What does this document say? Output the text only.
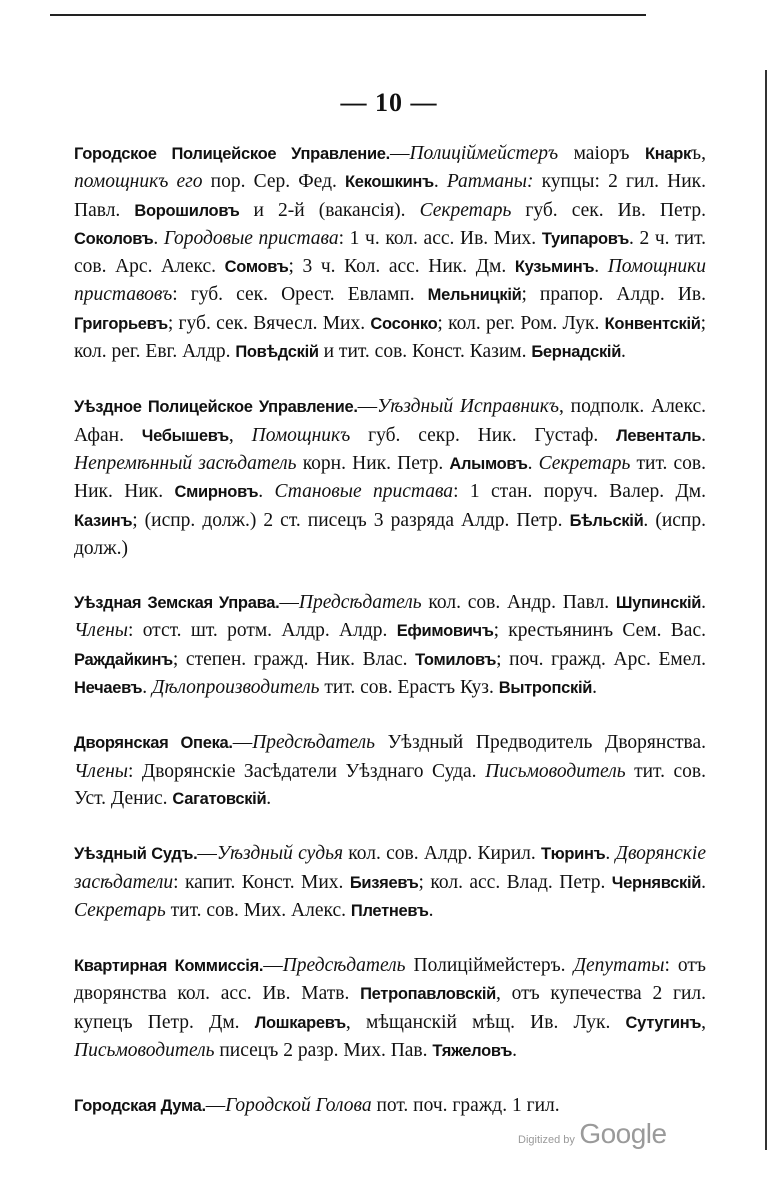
— 10 —

Городское Полицейское Управление.—Полиціймейстеръ маіоръ Кнаркъ, помощникъ его пор. Сер. Фед. Кекошкинъ. Ратманы: купцы: 2 гил. Ник. Павл. Ворошиловъ и 2-й (вакансія). Секретарь губ. сек. Ив. Петр. Соколовъ. Городовые пристава: 1 ч. кол. асс. Ив. Мих. Туипаровъ. 2 ч. тит. сов. Арс. Алекс. Сомовъ; 3 ч. Кол. асс. Ник. Дм. Кузьминъ. Помощники приставовъ: губ. сек. Орест. Евламп. Мельницкій; прапор. Алдр. Ив. Григорьевъ; губ. сек. Вячесл. Мих. Сосонко; кол. рег. Ром. Лук. Конвентскій; кол. рег. Евг. Алдр. Повѣдскій и тит. сов. Конст. Казим. Бернадскій.

Уѣздное Полицейское Управление.—Уѣздный Исправникъ, подполк. Алекс. Афан. Чебышевъ, Помощникъ губ. секр. Ник. Густаф. Левенталь. Непремѣнный засѣдатель корн. Ник. Петр. Алымовъ. Секретарь тит. сов. Ник. Ник. Смирновъ. Становые пристава: 1 стан. поруч. Валер. Дм. Казинъ; (испр. долж.) 2 ст. писецъ 3 разряда Алдр. Петр. Бѣльскій. (испр. долж.)

Уѣздная Земская Управа.—Предсѣдатель кол. сов. Андр. Павл. Шупинскій. Члены: отст. шт. ротм. Алдр. Алдр. Ефимовичъ; крестьянинъ Сем. Вас. Раждайкинъ; степен. гражд. Ник. Влас. Томиловъ; поч. гражд. Арс. Емел. Нечаевъ. Дѣлопроизводитель тит. сов. Ерастъ Куз. Вытропскій.

Дворянская Опека.—Предсѣдатель Уѣздный Предводитель Дворянства. Члены: Дворянскіе Засѣдатели Уѣзднаго Суда. Письмоводитель тит. сов. Уст. Денис. Сагатовскій.

Уѣздный Судъ.—Уѣздный судья кол. сов. Алдр. Кирил. Тюринъ. Дворянскіе засѣдатели: капит. Конст. Мих. Бизяевъ; кол. асс. Влад. Петр. Чернявскій. Секретарь тит. сов. Мих. Алекс. Плетневъ.

Квартирная Коммиссія.—Предсѣдатель Полиціймейстеръ. Депутаты: отъ дворянства кол. асс. Ив. Матв. Петропавловскій, отъ купечества 2 гил. купецъ Петр. Дм. Лошкаревъ, мѣщанскій мѣщ. Ив. Лук. Сутугинъ, Письмоводитель писецъ 2 разр. Мих. Пав. Тяжеловъ.

Городская Дума.—Городской Голова пот. поч. гражд. 1 гил.

Digitized by Google
